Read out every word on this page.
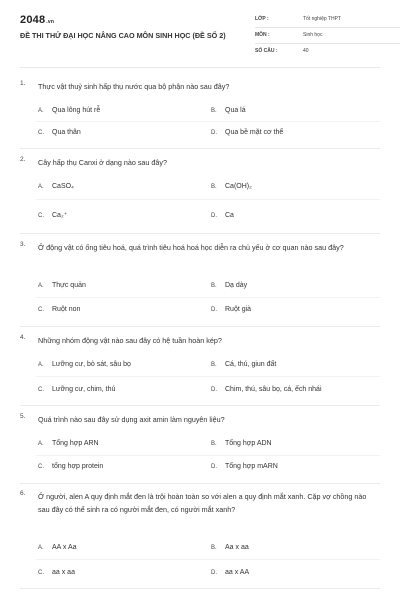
2048.vn
ĐỀ THI THỬ ĐẠI HỌC NÂNG CAO MÔN SINH HỌC (ĐỀ SỐ 2)
LỚP :	Tốt nghiệp THPT
MÔN :	Sinh học
SỐ CÂU :	40
1. Thực vật thuỷ sinh hấp thụ nước qua bộ phận nào sau đây?
A. Qua lông hút rễ	B. Qua lá
C. Qua thân	D. Qua bề mặt cơ thể
2. Cây hấp thụ Canxi ở dạng nào sau đây?
A. CaSO₄	B. Ca(OH)₂
C. Ca₂⁺	D. Ca
3. Ở động vật có ống tiêu hoá, quá trình tiêu hoá hoá học diễn ra chủ yếu ở cơ quan nào sau đây?
A. Thực quản	B. Dạ dày
C. Ruột non	D. Ruột già
4. Những nhóm động vật nào sau đây có hệ tuần hoàn kép?
A. Lưỡng cư, bò sát, sâu bọ	B. Cá, thú, giun đất
C. Lưỡng cư, chim, thú	D. Chim, thú, sâu bọ, cá, ếch nhái
5. Quá trình nào sau đây sử dụng axit amin làm nguyên liệu?
A. Tổng hợp ARN	B. Tổng hợp ADN
C. tổng hợp protein	D. Tổng hợp mARN
6. Ở người, alen A quy định mắt đen là trội hoàn toàn so với alen a quy định mắt xanh. Cặp vợ chồng nào sau đây có thể sinh ra có người mắt đen, có người mắt xanh?
A. AA x Aa	B. Aa x aa
C. aa x aa	D. aa x AA
